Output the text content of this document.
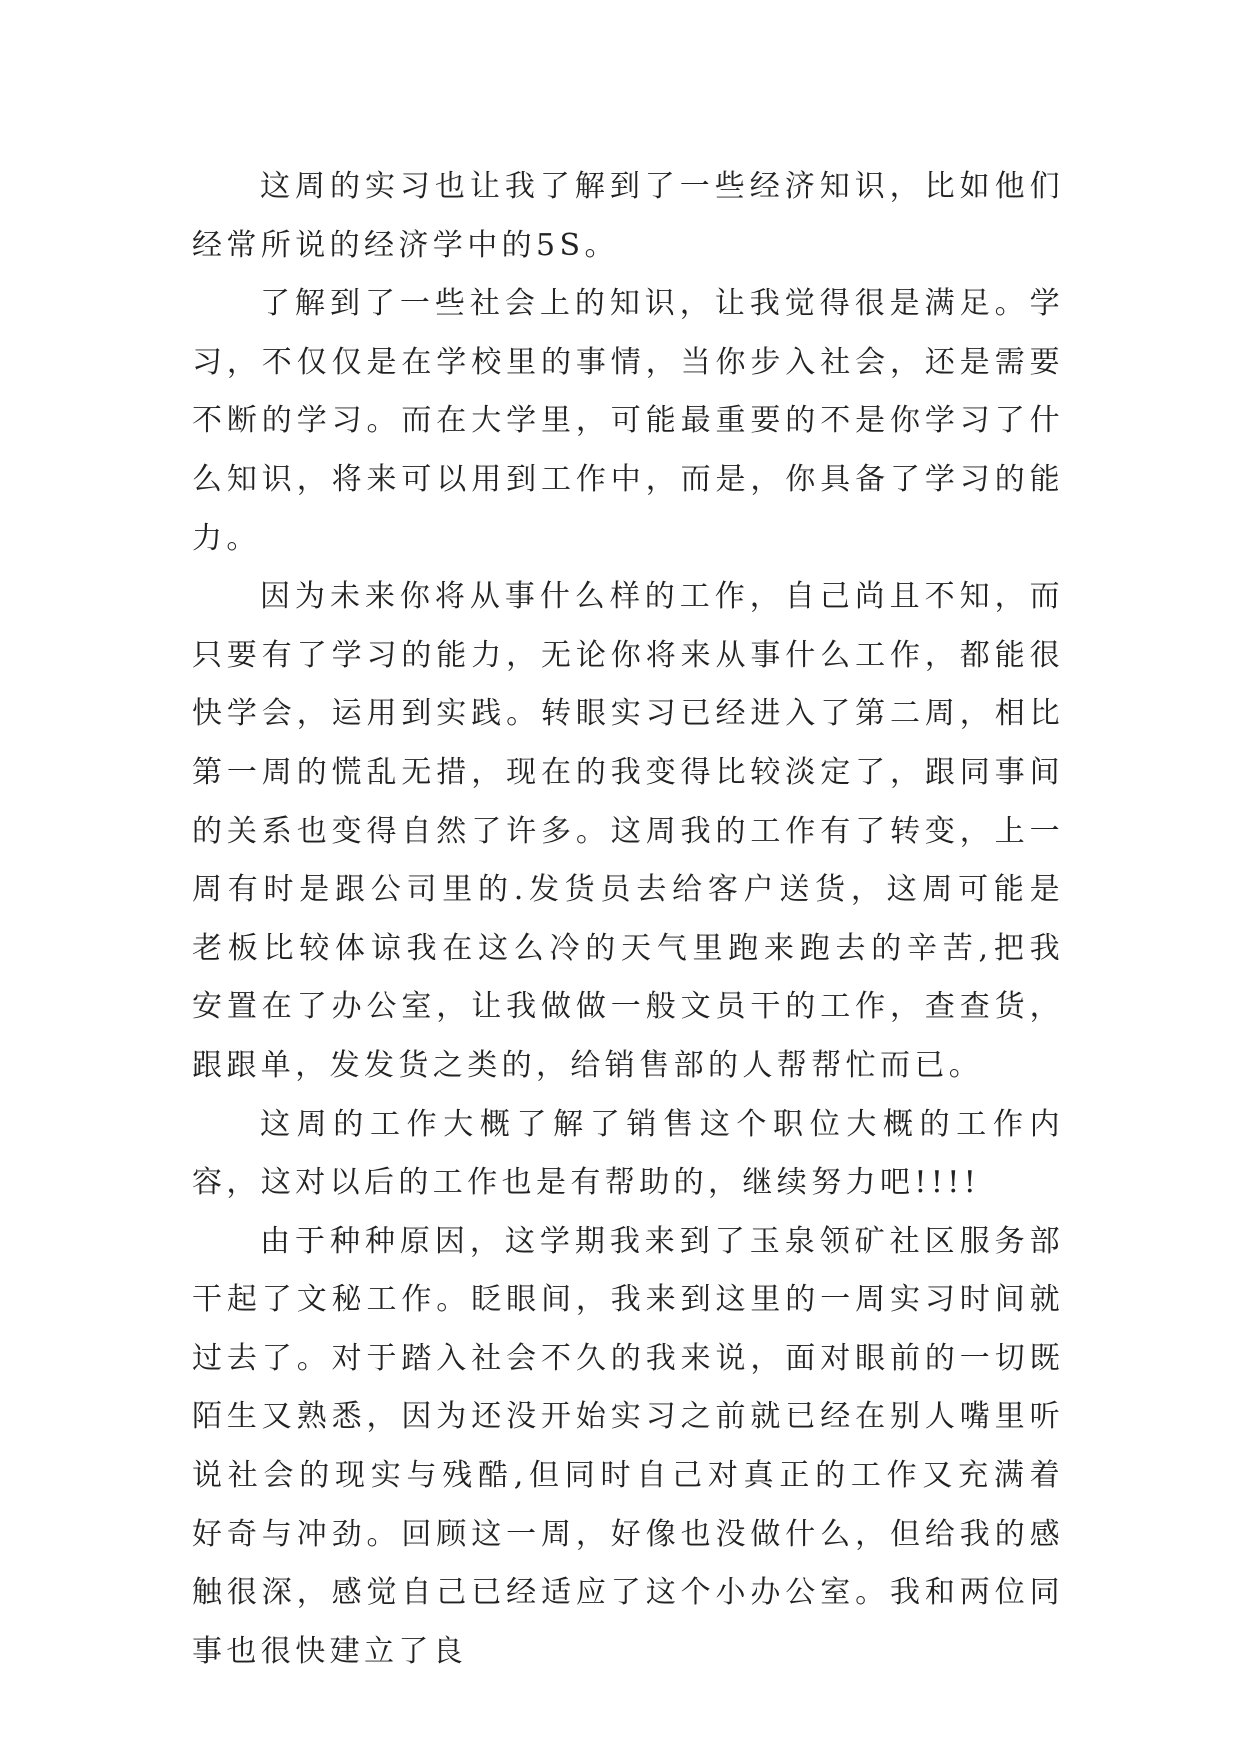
这周的实习也让我了解到了一些经济知识，比如他们经常所说的经济学中的5S。

了解到了一些社会上的知识，让我觉得很是满足。学习，不仅仅是在学校里的事情，当你步入社会，还是需要不断的学习。而在大学里，可能最重要的不是你学习了什么知识，将来可以用到工作中，而是，你具备了学习的能力。

因为未来你将从事什么样的工作，自己尚且不知，而只要有了学习的能力，无论你将来从事什么工作，都能很快学会，运用到实践。转眼实习已经进入了第二周，相比第一周的慌乱无措，现在的我变得比较淡定了，跟同事间的关系也变得自然了许多。这周我的工作有了转变，上一周有时是跟公司里的.发货员去给客户送货，这周可能是老板比较体谅我在这么冷的天气里跑来跑去的辛苦,把我安置在了办公室，让我做做一般文员干的工作，查查货，跟跟单，发发货之类的，给销售部的人帮帮忙而已。

这周的工作大概了解了销售这个职位大概的工作内容，这对以后的工作也是有帮助的，继续努力吧!!!!

由于种种原因，这学期我来到了玉泉领矿社区服务部干起了文秘工作。眨眼间，我来到这里的一周实习时间就过去了。对于踏入社会不久的我来说，面对眼前的一切既陌生又熟悉，因为还没开始实习之前就已经在别人嘴里听说社会的现实与残酷,但同时自己对真正的工作又充满着好奇与冲劲。回顾这一周，好像也没做什么，但给我的感触很深，感觉自己已经适应了这个小办公室。我和两位同事也很快建立了良
